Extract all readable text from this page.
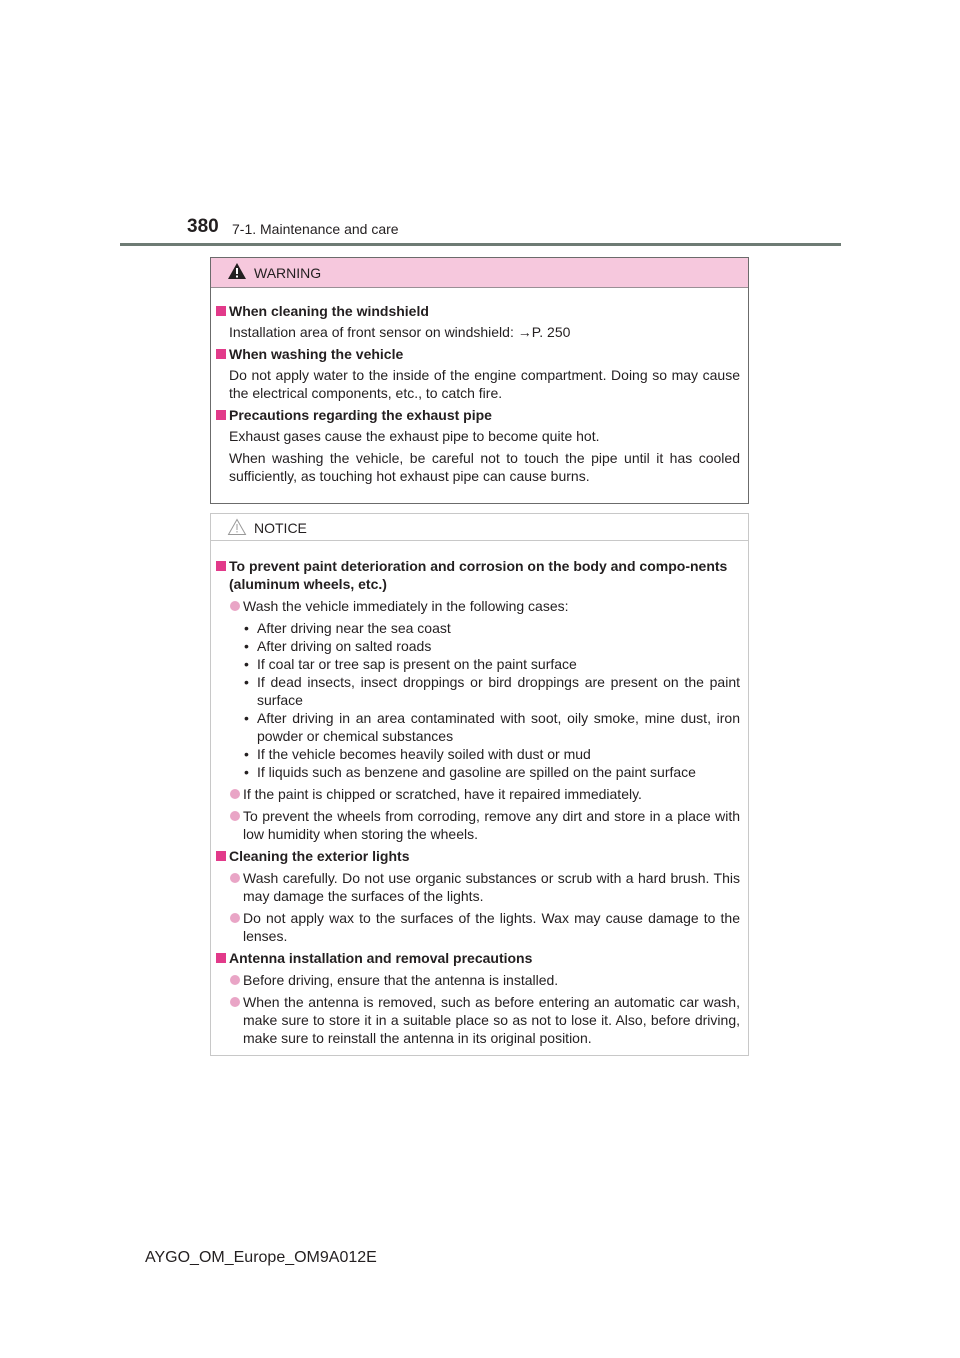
380 7-1. Maintenance and care
WARNING
When cleaning the windshield
Installation area of front sensor on windshield: →P. 250
When washing the vehicle
Do not apply water to the inside of the engine compartment. Doing so may cause the electrical components, etc., to catch fire.
Precautions regarding the exhaust pipe
Exhaust gases cause the exhaust pipe to become quite hot.
When washing the vehicle, be careful not to touch the pipe until it has cooled sufficiently, as touching hot exhaust pipe can cause burns.
NOTICE
To prevent paint deterioration and corrosion on the body and compo-nents (aluminum wheels, etc.)
Wash the vehicle immediately in the following cases:
• After driving near the sea coast
• After driving on salted roads
• If coal tar or tree sap is present on the paint surface
• If dead insects, insect droppings or bird droppings are present on the paint surface
• After driving in an area contaminated with soot, oily smoke, mine dust, iron powder or chemical substances
• If the vehicle becomes heavily soiled with dust or mud
• If liquids such as benzene and gasoline are spilled on the paint surface
If the paint is chipped or scratched, have it repaired immediately.
To prevent the wheels from corroding, remove any dirt and store in a place with low humidity when storing the wheels.
Cleaning the exterior lights
Wash carefully. Do not use organic substances or scrub with a hard brush. This may damage the surfaces of the lights.
Do not apply wax to the surfaces of the lights. Wax may cause damage to the lenses.
Antenna installation and removal precautions
Before driving, ensure that the antenna is installed.
When the antenna is removed, such as before entering an automatic car wash, make sure to store it in a suitable place so as not to lose it. Also, before driving, make sure to reinstall the antenna in its original position.
AYGO_OM_Europe_OM9A012E
